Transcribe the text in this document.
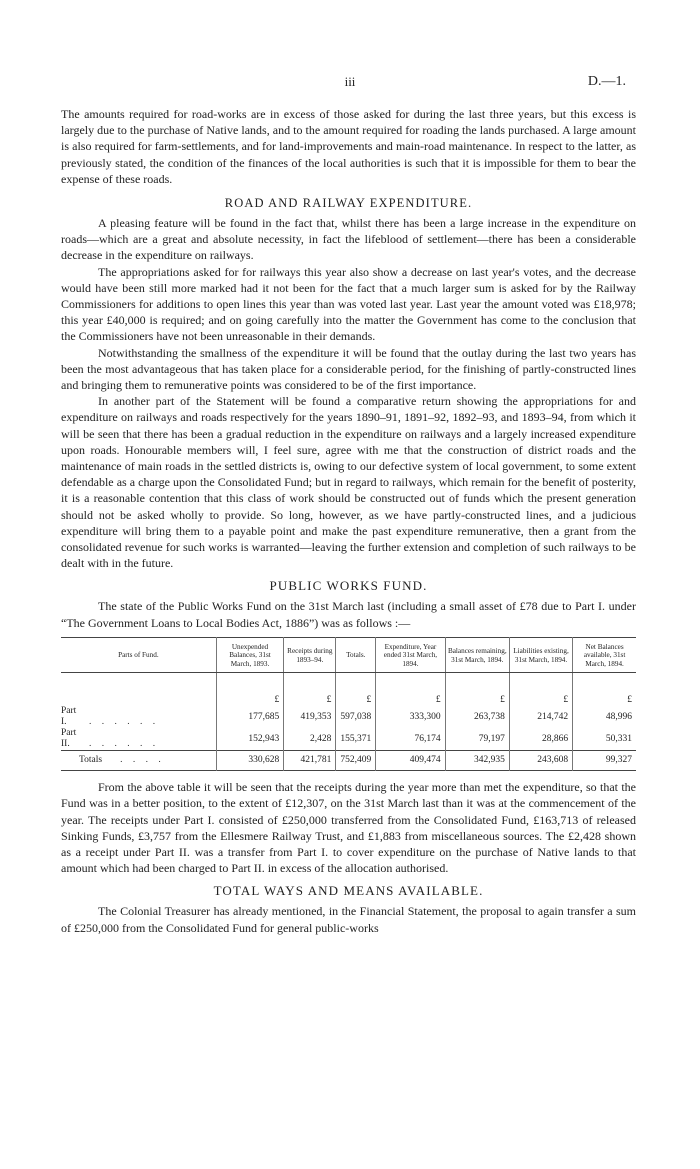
iii	D.—1.

The amounts required for road-works are in excess of those asked for during the last three years, but this excess is largely due to the purchase of Native lands, and to the amount required for roading the lands purchased. A large amount is also required for farm-settlements, and for land-improvements and main-road maintenance. In respect to the latter, as previously stated, the condition of the finances of the local authorities is such that it is impossible for them to bear the expense of these roads.

ROAD AND RAILWAY EXPENDITURE.

A pleasing feature will be found in the fact that, whilst there has been a large increase in the expenditure on roads—which are a great and absolute necessity, in fact the lifeblood of settlement—there has been a considerable decrease in the expenditure on railways.

The appropriations asked for for railways this year also show a decrease on last year's votes, and the decrease would have been still more marked had it not been for the fact that a much larger sum is asked for by the Railway Commissioners for additions to open lines this year than was voted last year. Last year the amount voted was £18,978; this year £40,000 is required; and on going carefully into the matter the Government has come to the conclusion that the Commissioners have not been unreasonable in their demands.

Notwithstanding the smallness of the expenditure it will be found that the outlay during the last two years has been the most advantageous that has taken place for a considerable period, for the finishing of partly-constructed lines and bringing them to remunerative points was considered to be of the first importance.

In another part of the Statement will be found a comparative return showing the appropriations for and expenditure on railways and roads respectively for the years 1890–91, 1891–92, 1892–93, and 1893–94, from which it will be seen that there has been a gradual reduction in the expenditure on railways and a largely increased expenditure upon roads. Honourable members will, I feel sure, agree with me that the construction of district roads and the maintenance of main roads in the settled districts is, owing to our defective system of local government, to some extent defendable as a charge upon the Consolidated Fund; but in regard to railways, which remain for the benefit of posterity, it is a reasonable contention that this class of work should be constructed out of funds which the present generation should not be asked wholly to provide. So long, however, as we have partly-constructed lines, and a judicious expenditure will bring them to a payable point and make the past expenditure remunerative, then a grant from the consolidated revenue for such works is warranted—leaving the further extension and completion of such railways to be dealt with in the future.

PUBLIC WORKS FUND.

The state of the Public Works Fund on the 31st March last (including a small asset of £78 due to Part I. under “The Government Loans to Local Bodies Act, 1886”) was as follows :—

Parts of Fund.	Unexpended Balances, 31st March, 1893.	Receipts during 1893–94.	Totals.	Expenditure, Year ended 31st March, 1894.	Balances remaining, 31st March, 1894.	Liabilities existing, 31st March, 1894.	Net Balances available, 31st March, 1894.

	£	£	£	£	£	£	£
Part I. . . . . . .	177,685	419,353	597,038	333,300	263,738	214,742	48,996
Part II. . . . . . .	152,943	2,428	155,371	76,174	79,197	28,866	50,331
Totals . . . .	330,628	421,781	752,409	409,474	342,935	243,608	99,327

From the above table it will be seen that the receipts during the year more than met the expenditure, so that the Fund was in a better position, to the extent of £12,307, on the 31st March last than it was at the commencement of the year. The receipts under Part I. consisted of £250,000 transferred from the Consolidated Fund, £163,713 of released Sinking Funds, £3,757 from the Ellesmere Railway Trust, and £1,883 from miscellaneous sources. The £2,428 shown as a receipt under Part II. was a transfer from Part I. to cover expenditure on the purchase of Native lands to that amount which had been charged to Part II. in excess of the allocation authorised.

TOTAL WAYS AND MEANS AVAILABLE.

The Colonial Treasurer has already mentioned, in the Financial Statement, the proposal to again transfer a sum of £250,000 from the Consolidated Fund for general public-works
